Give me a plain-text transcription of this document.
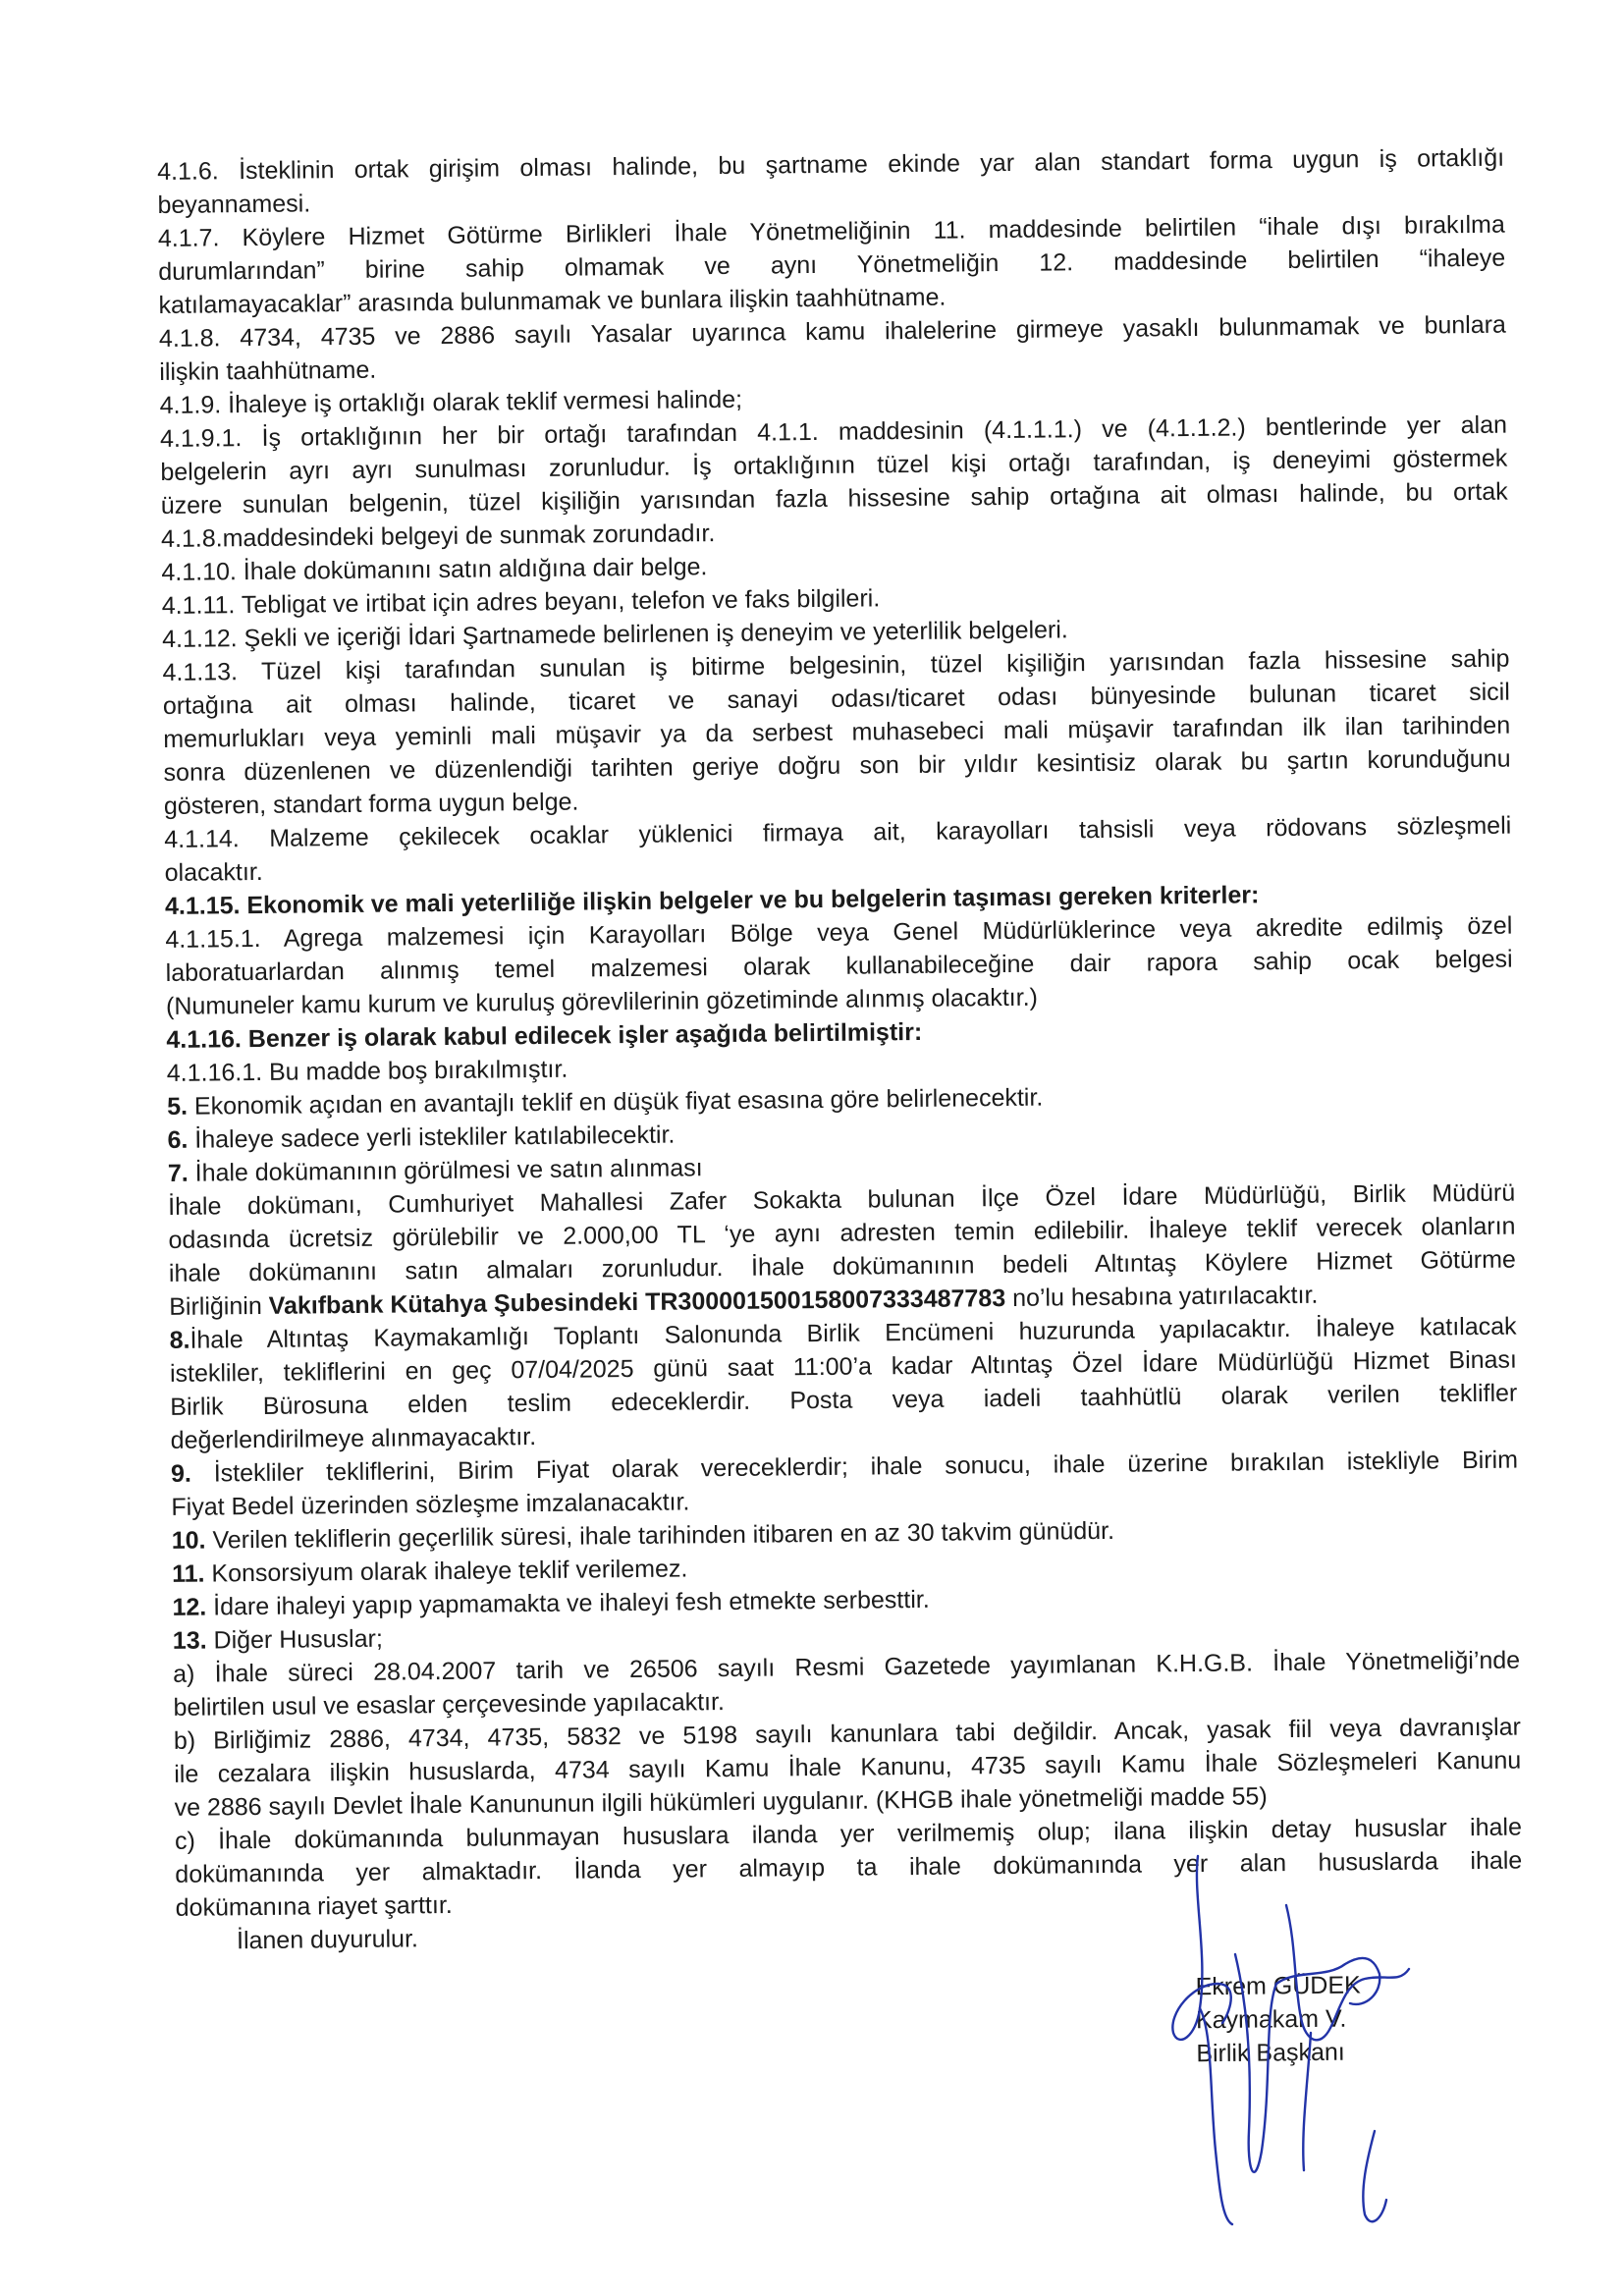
4.1.6. İsteklinin ortak girişim olması halinde, bu şartname ekinde yar alan standart forma uygun iş ortaklığı
beyannamesi.
4.1.7. Köylere Hizmet Götürme Birlikleri İhale Yönetmeliğinin 11. maddesinde belirtilen “ihale dışı bırakılma
durumlarından” birine sahip olmamak ve aynı Yönetmeliğin 12. maddesinde belirtilen “ihaleye
katılamayacaklar” arasında bulunmamak ve bunlara ilişkin taahhütname.
4.1.8. 4734, 4735 ve 2886 sayılı Yasalar uyarınca kamu ihalelerine girmeye yasaklı bulunmamak ve bunlara
ilişkin taahhütname.
4.1.9. İhaleye iş ortaklığı olarak teklif vermesi halinde;
4.1.9.1. İş ortaklığının her bir ortağı tarafından 4.1.1. maddesinin (4.1.1.1.) ve (4.1.1.2.) bentlerinde yer alan
belgelerin ayrı ayrı sunulması zorunludur. İş ortaklığının tüzel kişi ortağı tarafından, iş deneyimi göstermek
üzere sunulan belgenin, tüzel kişiliğin yarısından fazla hissesine sahip ortağına ait olması halinde, bu ortak
4.1.8.maddesindeki belgeyi de sunmak zorundadır.
4.1.10. İhale dokümanını satın aldığına dair belge.
4.1.11. Tebligat ve irtibat için adres beyanı, telefon ve faks bilgileri.
4.1.12. Şekli ve içeriği İdari Şartnamede belirlenen iş deneyim ve yeterlilik belgeleri.
4.1.13. Tüzel kişi tarafından sunulan iş bitirme belgesinin, tüzel kişiliğin yarısından fazla hissesine sahip
ortağına ait olması halinde, ticaret ve sanayi odası/ticaret odası bünyesinde bulunan ticaret sicil
memurlukları veya yeminli mali müşavir ya da serbest muhasebeci mali müşavir tarafından ilk ilan tarihinden
sonra düzenlenen ve düzenlendiği tarihten geriye doğru son bir yıldır kesintisiz olarak bu şartın korunduğunu
gösteren, standart forma uygun belge.
4.1.14. Malzeme çekilecek ocaklar yüklenici firmaya ait, karayolları tahsisli veya rödovans sözleşmeli
olacaktır.
4.1.15. Ekonomik ve mali yeterliliğe ilişkin belgeler ve bu belgelerin taşıması gereken kriterler:
4.1.15.1. Agrega malzemesi için Karayolları Bölge veya Genel Müdürlüklerince veya akredite edilmiş özel
laboratuarlardan alınmış temel malzemesi olarak kullanabileceğine dair rapora sahip ocak belgesi
(Numuneler kamu kurum ve kuruluş görevlilerinin gözetiminde alınmış olacaktır.)
4.1.16. Benzer iş olarak kabul edilecek işler aşağıda belirtilmiştir:
4.1.16.1. Bu madde boş bırakılmıştır.
5. Ekonomik açıdan en avantajlı teklif en düşük fiyat esasına göre belirlenecektir.
6. İhaleye sadece yerli istekliler katılabilecektir.
7. İhale dokümanının görülmesi ve satın alınması
İhale dokümanı, Cumhuriyet Mahallesi Zafer Sokakta bulunan İlçe Özel İdare Müdürlüğü, Birlik Müdürü
odasında ücretsiz görülebilir ve 2.000,00 TL ‘ye aynı adresten temin edilebilir. İhaleye teklif verecek olanların
ihale dokümanını satın almaları zorunludur. İhale dokümanının bedeli Altıntaş Köylere Hizmet Götürme
Birliğinin Vakıfbank Kütahya Şubesindeki TR300001500158007333487783 no’lu hesabına yatırılacaktır.
8.İhale Altıntaş Kaymakamlığı Toplantı Salonunda Birlik Encümeni huzurunda yapılacaktır. İhaleye katılacak
istekliler, tekliflerini en geç 07/04/2025 günü saat 11:00’a kadar Altıntaş Özel İdare Müdürlüğü Hizmet Binası
Birlik Bürosuna elden teslim edeceklerdir. Posta veya iadeli taahhütlü olarak verilen teklifler
değerlendirilmeye alınmayacaktır.
9. İstekliler tekliflerini, Birim Fiyat olarak vereceklerdir; ihale sonucu, ihale üzerine bırakılan istekliyle Birim
Fiyat Bedel üzerinden sözleşme imzalanacaktır.
10. Verilen tekliflerin geçerlilik süresi, ihale tarihinden itibaren en az 30 takvim günüdür.
11. Konsorsiyum olarak ihaleye teklif verilemez.
12. İdare ihaleyi yapıp yapmamakta ve ihaleyi fesh etmekte serbesttir.
13. Diğer Hususlar;
a) İhale süreci 28.04.2007 tarih ve 26506 sayılı Resmi Gazetede yayımlanan K.H.G.B. İhale Yönetmeliği’nde
belirtilen usul ve esaslar çerçevesinde yapılacaktır.
b) Birliğimiz 2886, 4734, 4735, 5832 ve 5198 sayılı kanunlara tabi değildir. Ancak, yasak fiil veya davranışlar
ile cezalara ilişkin hususlarda, 4734 sayılı Kamu İhale Kanunu, 4735 sayılı Kamu İhale Sözleşmeleri Kanunu
ve 2886 sayılı Devlet İhale Kanununun ilgili hükümleri uygulanır. (KHGB ihale yönetmeliği madde 55)
c) İhale dokümanında bulunmayan hususlara ilanda yer verilmemiş olup; ilana ilişkin detay hususlar ihale
dokümanında yer almaktadır. İlanda yer almayıp ta ihale dokümanında yer alan hususlarda ihale
dokümanına riayet şarttır.
İlanen duyurulur.
Ekrem GÜDEK
Kaymakam V.
Birlik Başkanı
